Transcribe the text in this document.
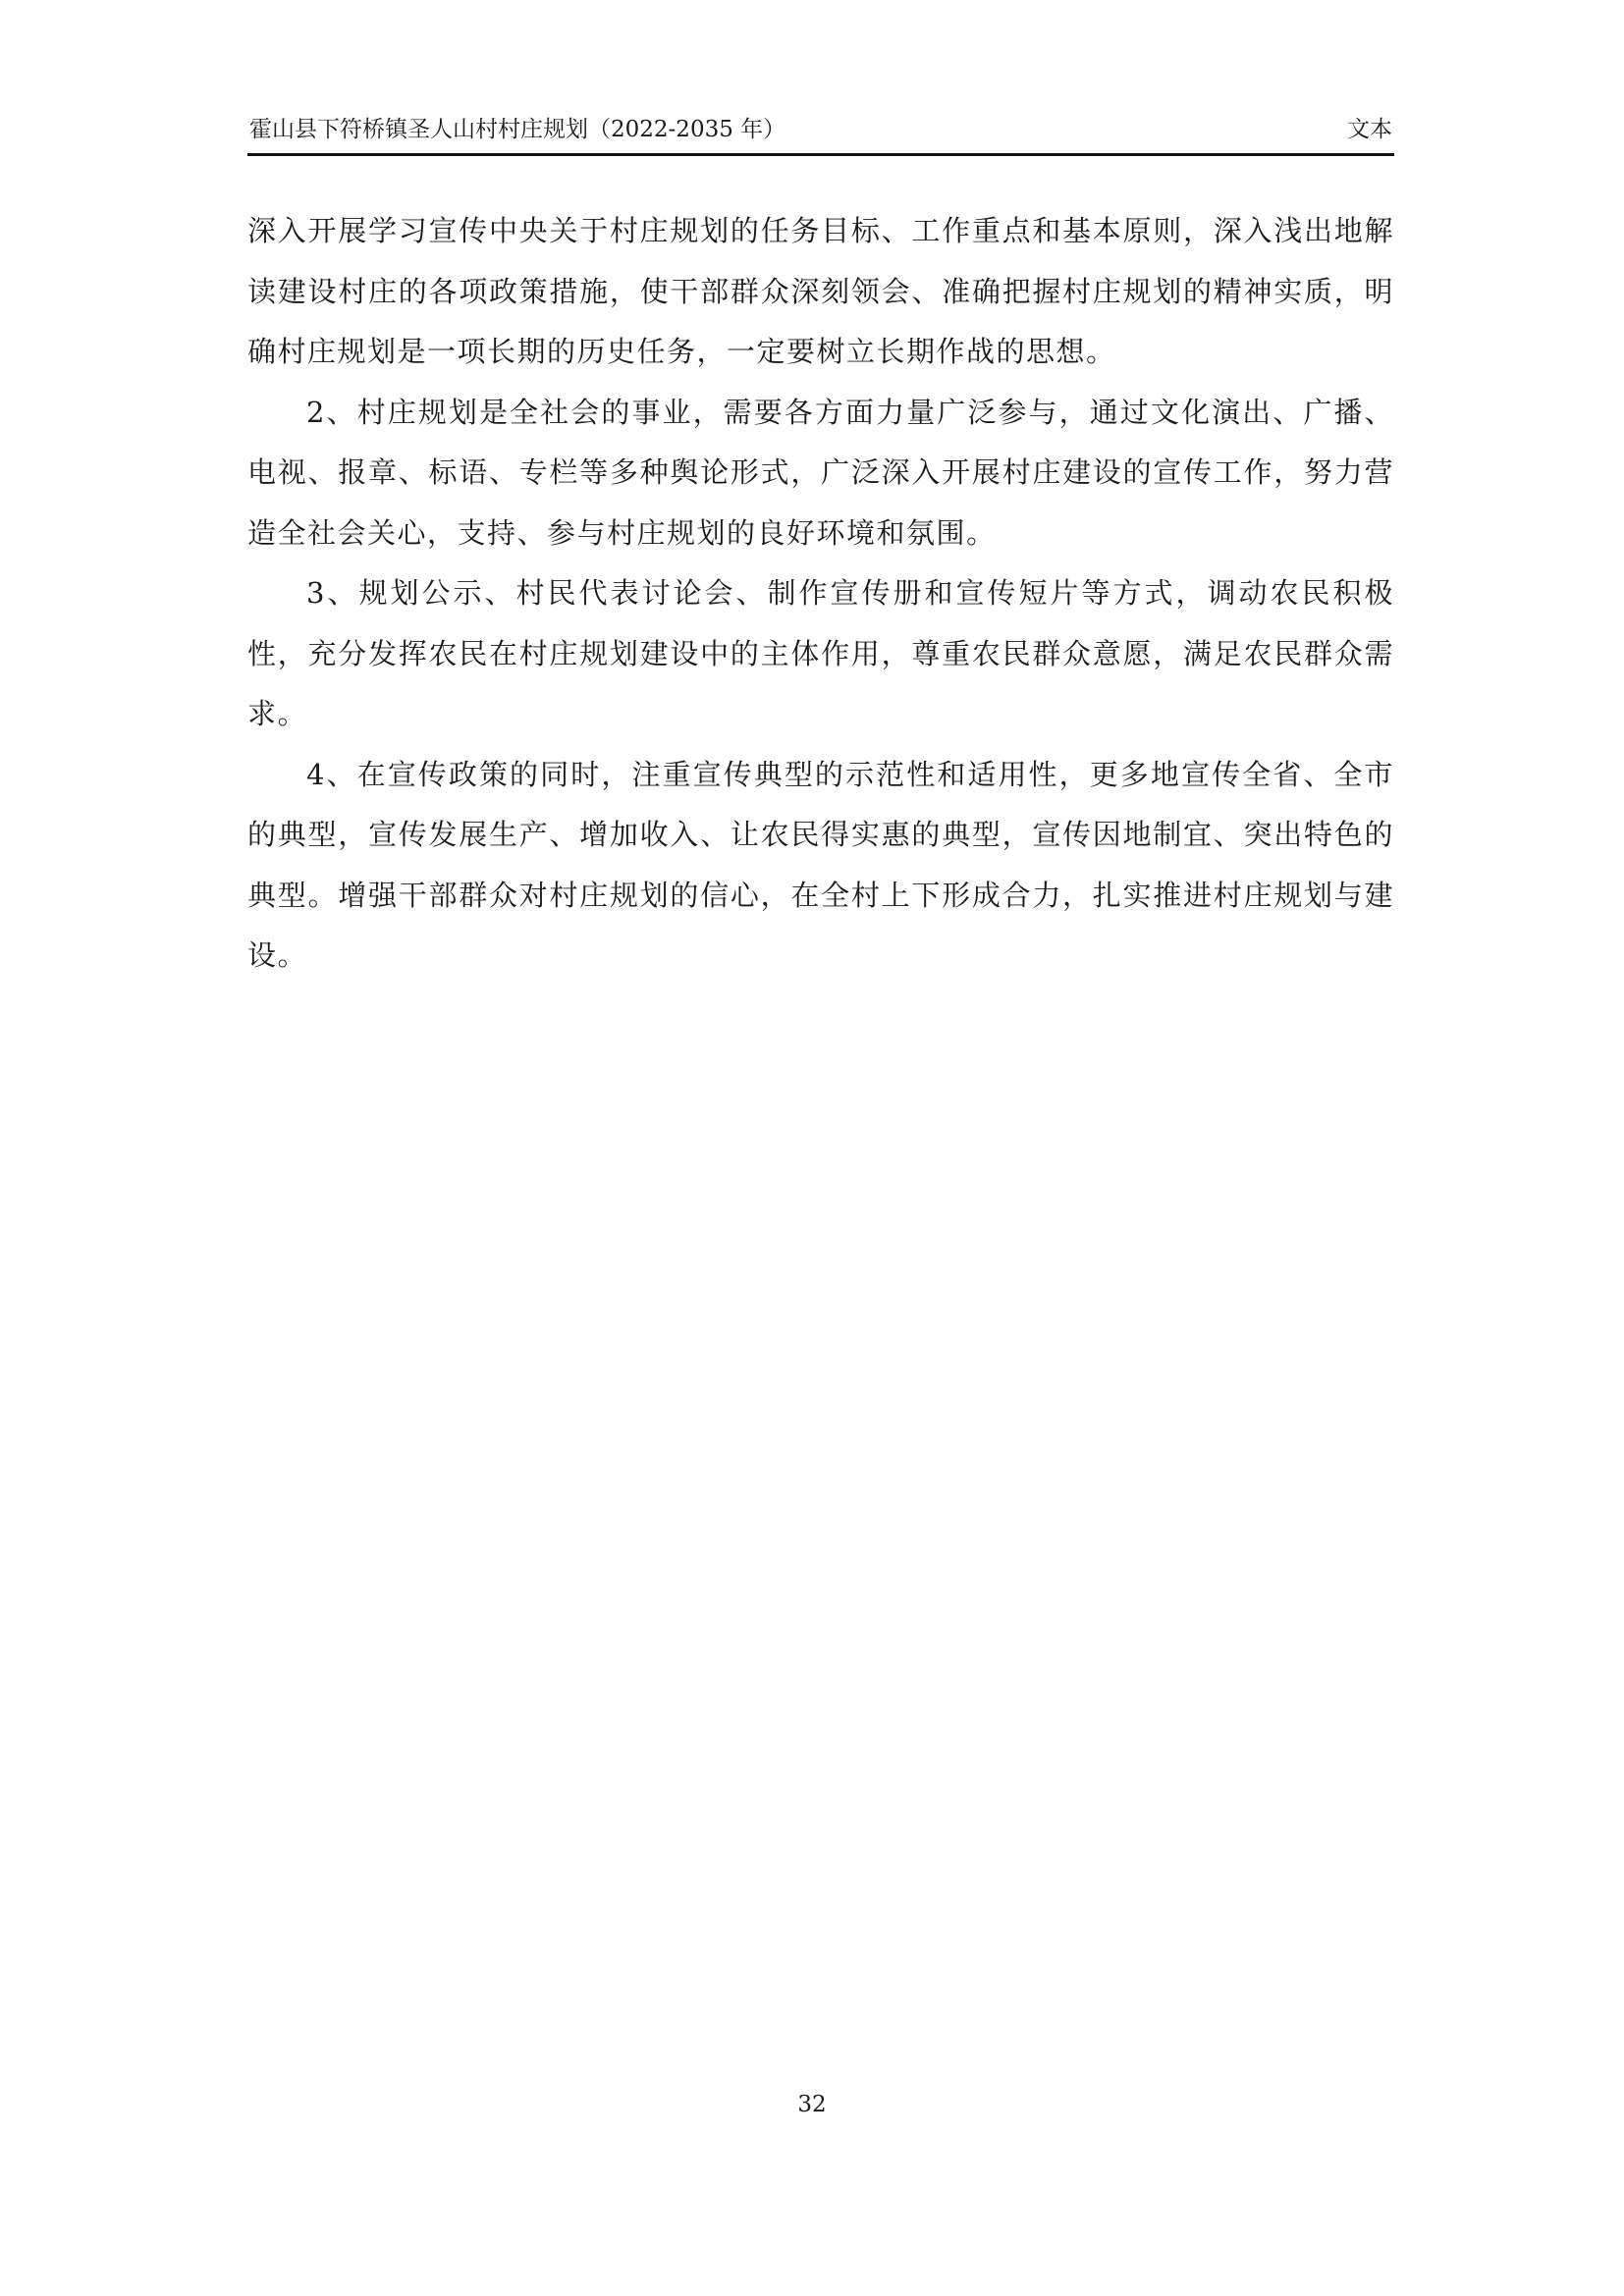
霍山县下符桥镇圣人山村村庄规划（2022-2035 年）	文本

深入开展学习宣传中央关于村庄规划的任务目标、工作重点和基本原则，深入浅出地解读建设村庄的各项政策措施，使干部群众深刻领会、准确把握村庄规划的精神实质，明确村庄规划是一项长期的历史任务，一定要树立长期作战的思想。

2、村庄规划是全社会的事业，需要各方面力量广泛参与，通过文化演出、广播、电视、报章、标语、专栏等多种舆论形式，广泛深入开展村庄建设的宣传工作，努力营造全社会关心，支持、参与村庄规划的良好环境和氛围。

3、规划公示、村民代表讨论会、制作宣传册和宣传短片等方式，调动农民积极性，充分发挥农民在村庄规划建设中的主体作用，尊重农民群众意愿，满足农民群众需求。

4、在宣传政策的同时，注重宣传典型的示范性和适用性，更多地宣传全省、全市的典型，宣传发展生产、增加收入、让农民得实惠的典型，宣传因地制宜、突出特色的典型。增强干部群众对村庄规划的信心，在全村上下形成合力，扎实推进村庄规划与建设。

32
